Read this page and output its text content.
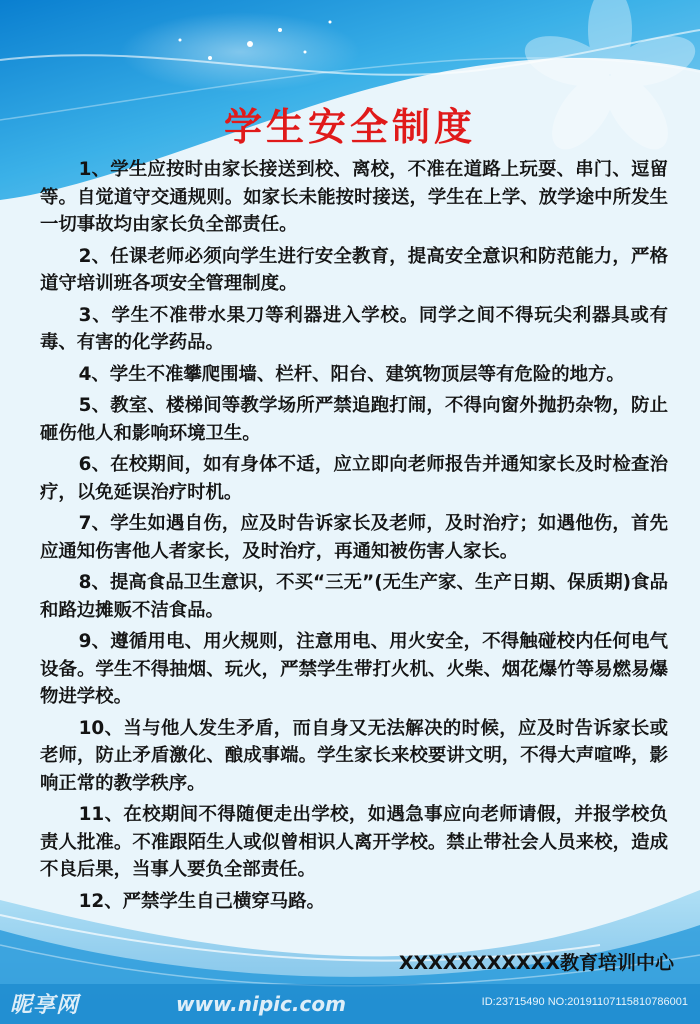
学生安全制度

1、学生应按时由家长接送到校、离校，不准在道路上玩耍、串门、逗留等。自觉道守交通规则。如家长未能按时接送，学生在上学、放学途中所发生一切事故均由家长负全部责任。

2、任课老师必须向学生进行安全教育，提高安全意识和防范能力，严格道守培训班各项安全管理制度。

3、学生不准带水果刀等利器进入学校。同学之间不得玩尖利器具或有毒、有害的化学药品。

4、学生不准攀爬围墙、栏杆、阳台、建筑物顶层等有危险的地方。

5、教室、楼梯间等教学场所严禁追跑打闹，不得向窗外抛扔杂物，防止砸伤他人和影响环境卫生。

6、在校期间，如有身体不适，应立即向老师报告并通知家长及时检查治疗，以免延误治疗时机。

7、学生如遇自伤，应及时告诉家长及老师，及时治疗；如遇他伤，首先应通知伤害他人者家长，及时治疗，再通知被伤害人家长。

8、提高食品卫生意识，不买“三无”(无生产家、生产日期、保质期)食品和路边摊贩不洁食品。

9、遵循用电、用火规则，注意用电、用火安全，不得触碰校内任何电气设备。学生不得抽烟、玩火，严禁学生带打火机、火柴、烟花爆竹等易燃易爆物进学校。

10、当与他人发生矛盾，而自身又无法解决的时候，应及时告诉家长或老师，防止矛盾激化、酿成事端。学生家长来校要讲文明，不得大声喧哗，影响正常的教学秩序。

11、在校期间不得随便走出学校，如遇急事应向老师请假，并报学校负责人批准。不准跟陌生人或似曾相识人离开学校。禁止带社会人员来校，造成不良后果，当事人要负全部责任。

12、严禁学生自己横穿马路。

XXXXXXXXXXX教育培训中心
昵享网	www.nipic.com	ID:23715490 NO:20191107115810786001
